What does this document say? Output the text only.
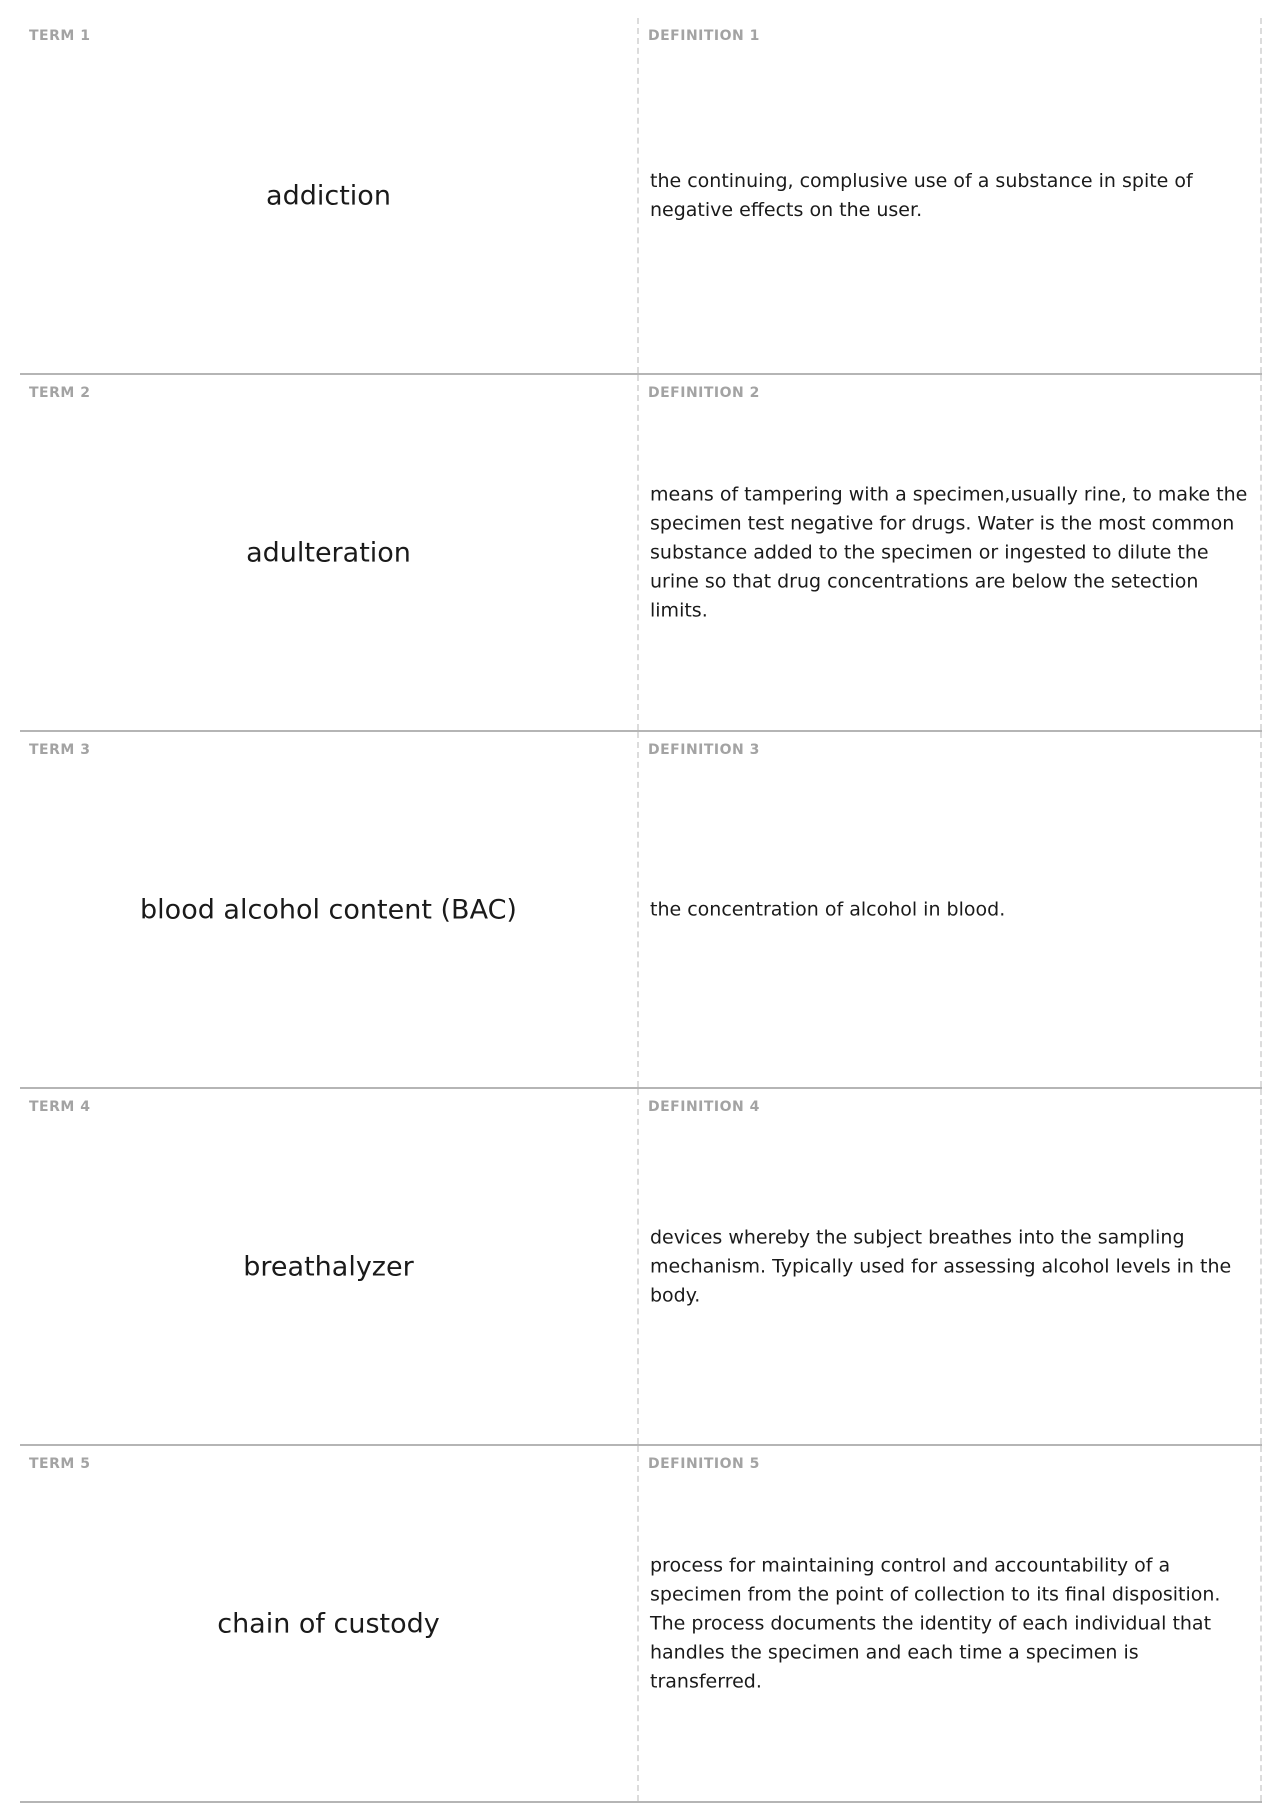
TERM 1
addiction
DEFINITION 1
the continuing, complusive use of a substance in spite of negative effects on the user.
TERM 2
adulteration
DEFINITION 2
means of tampering with a specimen,usually rine, to make the specimen test negative for drugs. Water is the most common substance added to the specimen or ingested to dilute the urine so that drug concentrations are below the setection limits.
TERM 3
blood alcohol content (BAC)
DEFINITION 3
the concentration of alcohol in blood.
TERM 4
breathalyzer
DEFINITION 4
devices whereby the subject breathes into the sampling mechanism. Typically used for assessing alcohol levels in the body.
TERM 5
chain of custody
DEFINITION 5
process for maintaining control and accountability of a specimen from the point of collection to its final disposition. The process documents the identity of each individual that handles the specimen and each time a specimen is transferred.
